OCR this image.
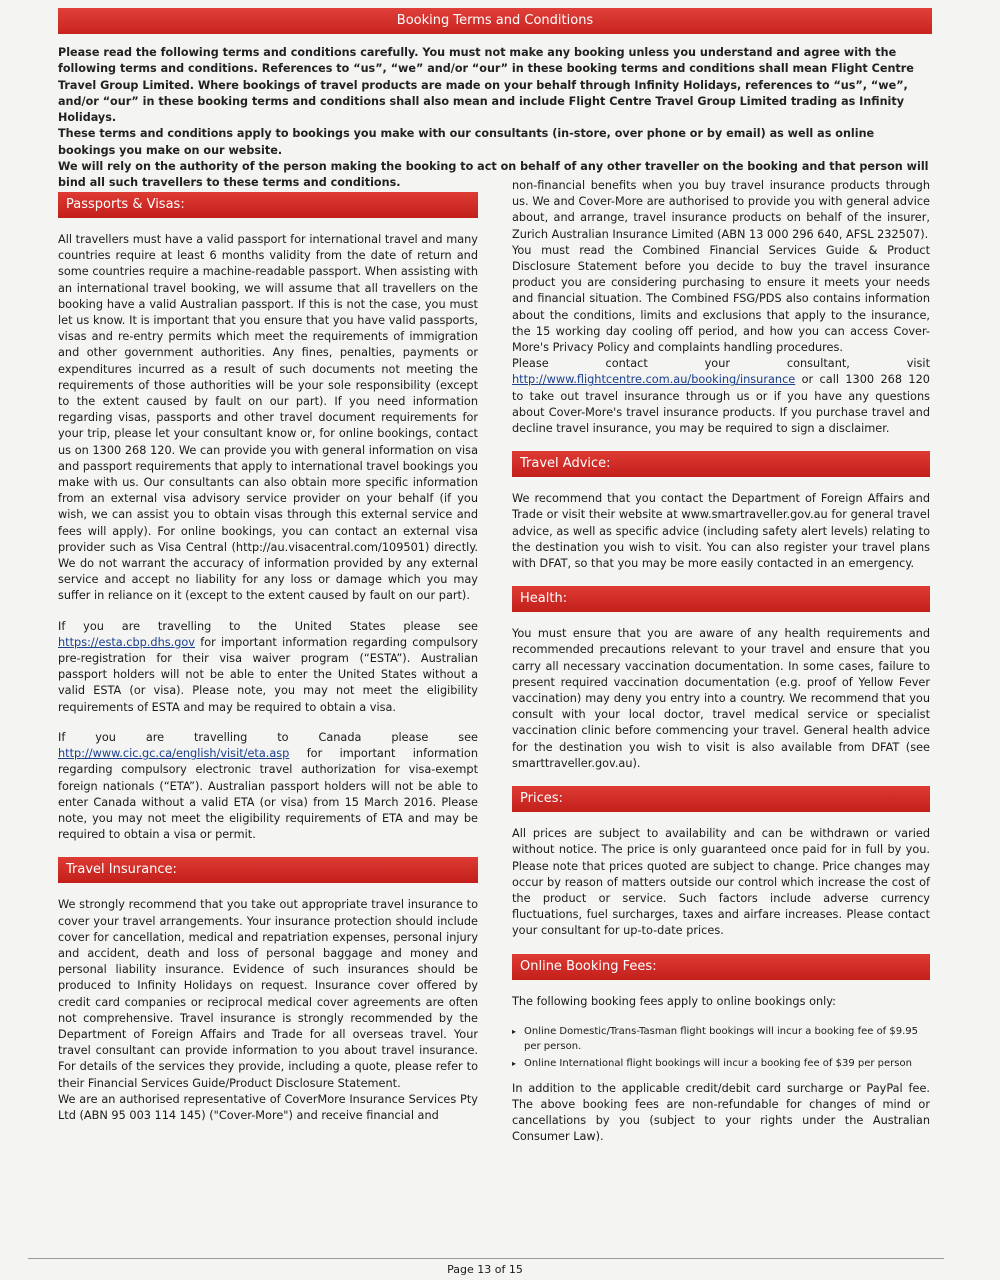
Booking Terms and Conditions

Please read the following terms and conditions carefully. You must not make any booking unless you understand and agree with the following terms and conditions. References to “us”, “we” and/or “our” in these booking terms and conditions shall mean Flight Centre Travel Group Limited. Where bookings of travel products are made on your behalf through Infinity Holidays, references to “us”, “we”, and/or “our” in these booking terms and conditions shall also mean and include Flight Centre Travel Group Limited trading as Infinity Holidays.

These terms and conditions apply to bookings you make with our consultants (in-store, over phone or by email) as well as online bookings you make on our website.

We will rely on the authority of the person making the booking to act on behalf of any other traveller on the booking and that person will bind all such travellers to these terms and conditions.

Passports & Visas:

All travellers must have a valid passport for international travel and many countries require at least 6 months validity from the date of return and some countries require a machine-readable passport. When assisting with an international travel booking, we will assume that all travellers on the booking have a valid Australian passport. If this is not the case, you must let us know. It is important that you ensure that you have valid passports, visas and re-entry permits which meet the requirements of immigration and other government authorities. Any fines, penalties, payments or expenditures incurred as a result of such documents not meeting the requirements of those authorities will be your sole responsibility (except to the extent caused by fault on our part). If you need information regarding visas, passports and other travel document requirements for your trip, please let your consultant know or, for online bookings, contact us on 1300 268 120. We can provide you with general information on visa and passport requirements that apply to international travel bookings you make with us. Our consultants can also obtain more specific information from an external visa advisory service provider on your behalf (if you wish, we can assist you to obtain visas through this external service and fees will apply). For online bookings, you can contact an external visa provider such as Visa Central (http://au.visacentral.com/109501) directly. We do not warrant the accuracy of information provided by any external service and accept no liability for any loss or damage which you may suffer in reliance on it (except to the extent caused by fault on our part).

If you are travelling to the United States please see https://esta.cbp.dhs.gov for important information regarding compulsory pre-registration for their visa waiver program (“ESTA”). Australian passport holders will not be able to enter the United States without a valid ESTA (or visa). Please note, you may not meet the eligibility requirements of ESTA and may be required to obtain a visa.

If you are travelling to Canada please see http://www.cic.gc.ca/english/visit/eta.asp for important information regarding compulsory electronic travel authorization for visa-exempt foreign nationals (“ETA”). Australian passport holders will not be able to enter Canada without a valid ETA (or visa) from 15 March 2016. Please note, you may not meet the eligibility requirements of ETA and may be required to obtain a visa or permit.

Travel Insurance:

We strongly recommend that you take out appropriate travel insurance to cover your travel arrangements. Your insurance protection should include cover for cancellation, medical and repatriation expenses, personal injury and accident, death and loss of personal baggage and money and personal liability insurance. Evidence of such insurances should be produced to Infinity Holidays on request. Insurance cover offered by credit card companies or reciprocal medical cover agreements are often not comprehensive. Travel insurance is strongly recommended by the Department of Foreign Affairs and Trade for all overseas travel. Your travel consultant can provide information to you about travel insurance. For details of the services they provide, including a quote, please refer to their Financial Services Guide/Product Disclosure Statement.

We are an authorised representative of CoverMore Insurance Services Pty Ltd (ABN 95 003 114 145) ("Cover-More") and receive financial and

non-financial benefits when you buy travel insurance products through us. We and Cover-More are authorised to provide you with general advice about, and arrange, travel insurance products on behalf of the insurer, Zurich Australian Insurance Limited (ABN 13 000 296 640, AFSL 232507).

You must read the Combined Financial Services Guide & Product Disclosure Statement before you decide to buy the travel insurance product you are considering purchasing to ensure it meets your needs and financial situation. The Combined FSG/PDS also contains information about the conditions, limits and exclusions that apply to the insurance, the 15 working day cooling off period, and how you can access Cover-More's Privacy Policy and complaints handling procedures.

Please contact your consultant, visit http://www.flightcentre.com.au/booking/insurance or call 1300 268 120 to take out travel insurance through us or if you have any questions about Cover-More's travel insurance products. If you purchase travel and decline travel insurance, you may be required to sign a disclaimer.

Travel Advice:

We recommend that you contact the Department of Foreign Affairs and Trade or visit their website at www.smartraveller.gov.au for general travel advice, as well as specific advice (including safety alert levels) relating to the destination you wish to visit. You can also register your travel plans with DFAT, so that you may be more easily contacted in an emergency.

Health:

You must ensure that you are aware of any health requirements and recommended precautions relevant to your travel and ensure that you carry all necessary vaccination documentation. In some cases, failure to present required vaccination documentation (e.g. proof of Yellow Fever vaccination) may deny you entry into a country. We recommend that you consult with your local doctor, travel medical service or specialist vaccination clinic before commencing your travel. General health advice for the destination you wish to visit is also available from DFAT (see smarttraveller.gov.au).

Prices:

All prices are subject to availability and can be withdrawn or varied without notice. The price is only guaranteed once paid for in full by you. Please note that prices quoted are subject to change. Price changes may occur by reason of matters outside our control which increase the cost of the product or service. Such factors include adverse currency fluctuations, fuel surcharges, taxes and airfare increases. Please contact your consultant for up-to-date prices.

Online Booking Fees:

The following booking fees apply to online bookings only:

▸ Online Domestic/Trans-Tasman flight bookings will incur a booking fee of $9.95 per person.
▸ Online International flight bookings will incur a booking fee of $39 per person

In addition to the applicable credit/debit card surcharge or PayPal fee. The above booking fees are non-refundable for changes of mind or cancellations by you (subject to your rights under the Australian Consumer Law).

Page 13 of 15
